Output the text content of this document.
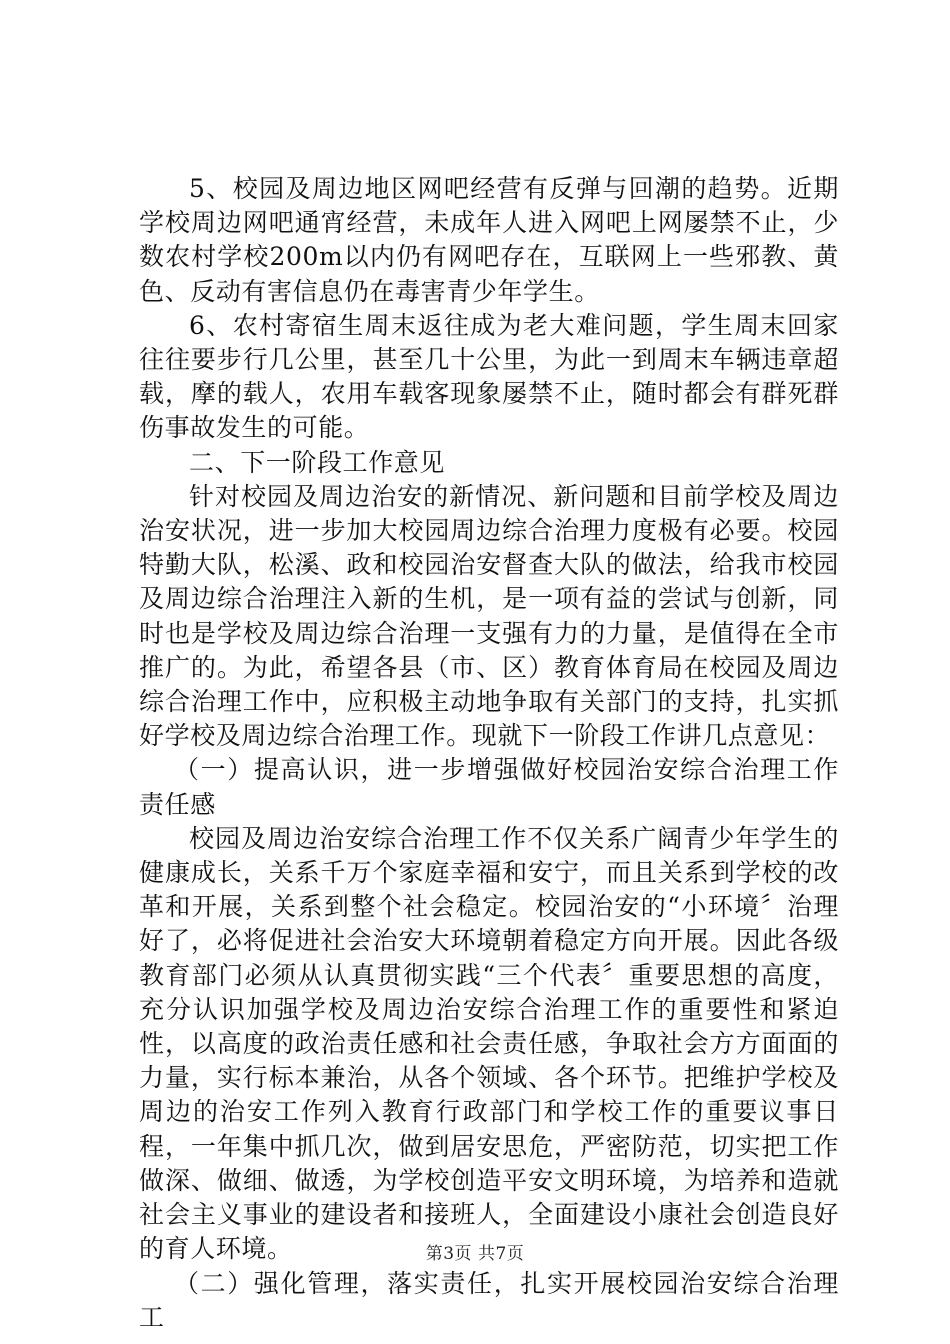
5、校园及周边地区网吧经营有反弹与回潮的趋势。近期学校周边网吧通宵经营，未成年人进入网吧上网屡禁不止，少数农村学校200m以内仍有网吧存在，互联网上一些邪教、黄色、反动有害信息仍在毒害青少年学生。

6、农村寄宿生周末返往成为老大难问题，学生周末回家往往要步行几公里，甚至几十公里，为此一到周末车辆违章超载，摩的载人，农用车载客现象屡禁不止，随时都会有群死群伤事故发生的可能。

二、下一阶段工作意见

针对校园及周边治安的新情况、新问题和目前学校及周边治安状况，进一步加大校园周边综合治理力度极有必要。校园特勤大队，松溪、政和校园治安督查大队的做法，给我市校园及周边综合治理注入新的生机，是一项有益的尝试与创新，同时也是学校及周边综合治理一支强有力的力量，是值得在全市推广的。为此，希望各县（市、区）教育体育局在校园及周边综合治理工作中，应积极主动地争取有关部门的支持，扎实抓好学校及周边综合治理工作。现就下一阶段工作讲几点意见：

（一）提高认识，进一步增强做好校园治安综合治理工作责任感

校园及周边治安综合治理工作不仅关系广阔青少年学生的健康成长，关系千万个家庭幸福和安宁，而且关系到学校的改革和开展，关系到整个社会稳定。校园治安的“小环境〞治理好了，必将促进社会治安大环境朝着稳定方向开展。因此各级教育部门必须从认真贯彻实践“三个代表〞重要思想的高度，充分认识加强学校及周边治安综合治理工作的重要性和紧迫性，以高度的政治责任感和社会责任感，争取社会方方面面的力量，实行标本兼治，从各个领域、各个环节。把维护学校及周边的治安工作列入教育行政部门和学校工作的重要议事日程，一年集中抓几次，做到居安思危，严密防范，切实把工作做深、做细、做透，为学校创造平安文明环境，为培养和造就社会主义事业的建设者和接班人，全面建设小康社会创造良好的育人环境。

（二）强化管理，落实责任，扎实开展校园治安综合治理工

第3页 共7页
